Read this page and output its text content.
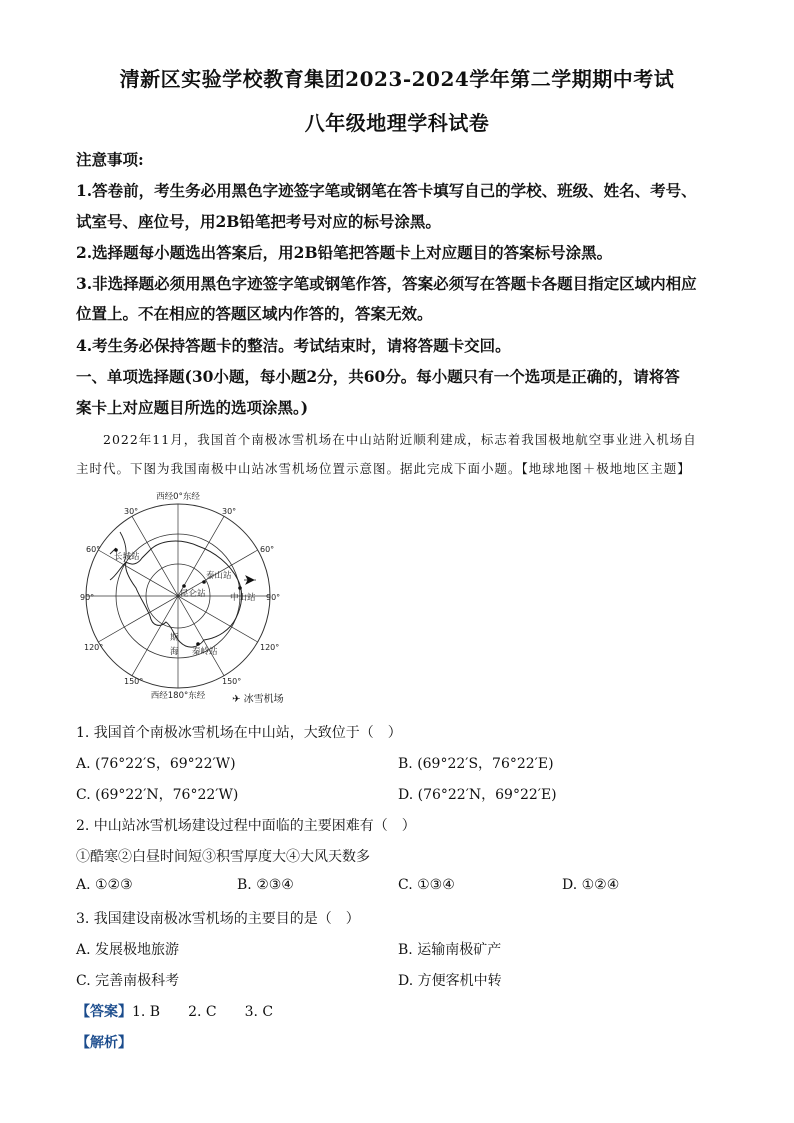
清新区实验学校教育集团2023-2024学年第二学期期中考试
八年级地理学科试卷
注意事项:
1.答卷前，考生务必用黑色字迹签字笔或钢笔在答卡填写自己的学校、班级、姓名、考号、
试室号、座位号，用2B铅笔把考号对应的标号涂黑。
2.选择题每小题选出答案后，用2B铅笔把答题卡上对应题目的答案标号涂黑。
3.非选择题必须用黑色字迹签字笔或钢笔作答，答案必须写在答题卡各题目指定区域内相应
位置上。不在相应的答题区域内作答的，答案无效。
4.考生务必保持答题卡的整洁。考试结束时，请将答题卡交回。
一、单项选择题(30小题，每小题2分，共60分。每小题只有一个选项是正确的，请将答
案卡上对应题目所选的选项涂黑。)
2022年11月，我国首个南极冰雪机场在中山站附近顺利建成，标志着我国极地航空事业进入机场自
主时代。下图为我国南极中山站冰雪机场位置示意图。据此完成下面小题。【地球地图＋极地地区主题】
西经0°东经
西经180°东经
30°	30°
60°	60°
90°	90°
120°	120°
150°	150°
长城站
泰山站
中山站
昆仑站
秦岭站
斯
海
✈ 冰雪机场
1. 我国首个南极冰雪机场在中山站，大致位于（　）
A. (76°22′S，69°22′W)	B. (69°22′S，76°22′E)
C. (69°22′N，76°22′W)	D. (76°22′N，69°22′E)
2. 中山站冰雪机场建设过程中面临的主要困难有（　）
①酷寒②白昼时间短③积雪厚度大④大风天数多
A. ①②③	B. ②③④	C. ①③④	D. ①②④
3. 我国建设南极冰雪机场的主要目的是（　）
A. 发展极地旅游	B. 运输南极矿产
C. 完善南极科考	D. 方便客机中转
【答案】1. B　　2. C　　3. C
【解析】
